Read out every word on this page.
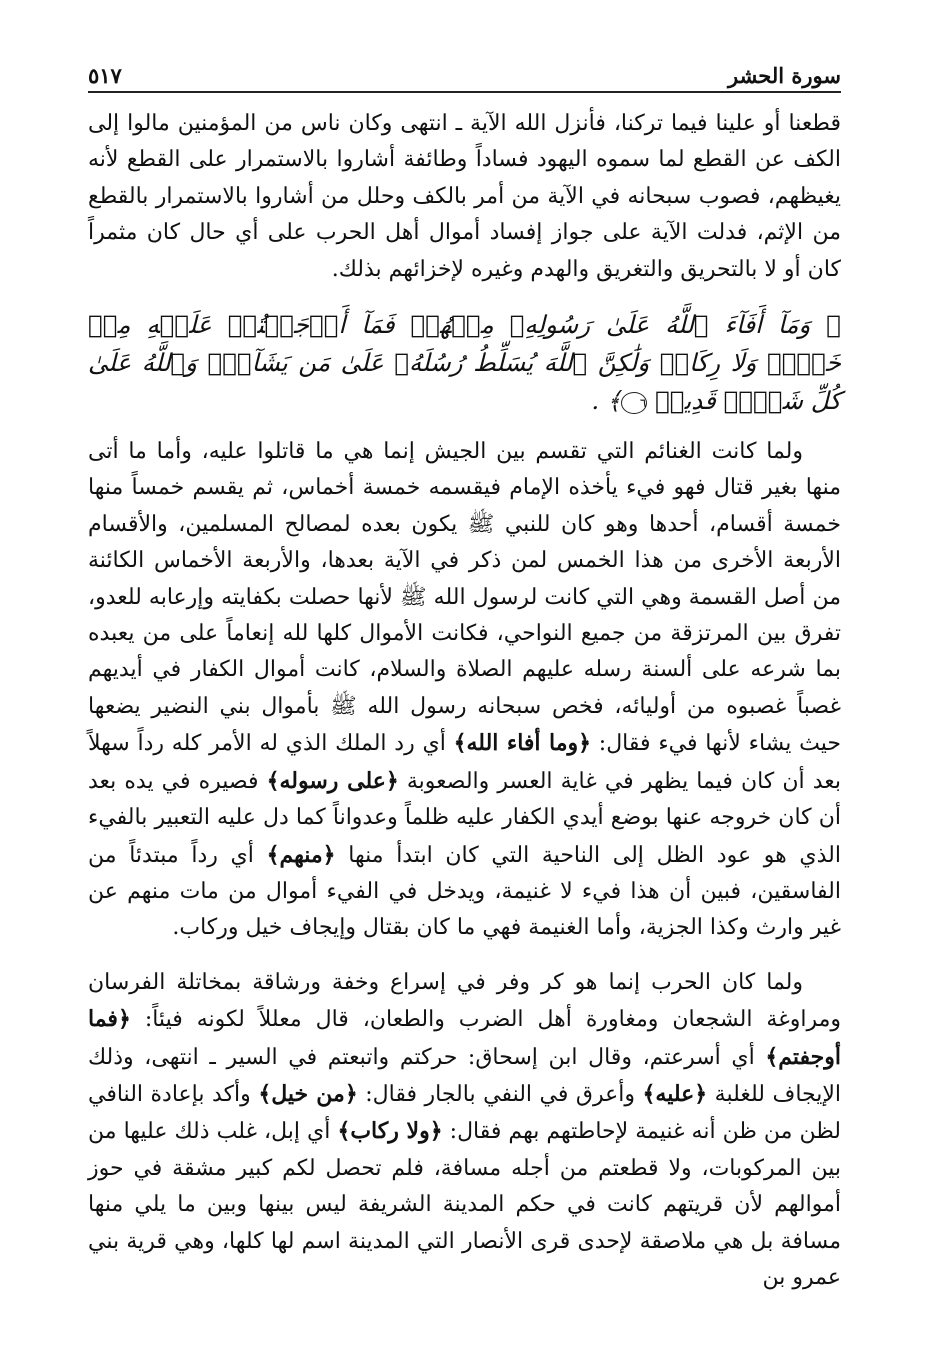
سورة الحشر
٥١٧

قطعنا أو علينا فيما تركنا، فأنزل الله الآية ـ انتهى وكان ناس من المؤمنين مالوا إلى الكف عن القطع لما سموه اليهود فساداً وطائفة أشاروا بالاستمرار على القطع لأنه يغيظهم، فصوب سبحانه في الآية من أمر بالكف وحلل من أشاروا بالاستمرار بالقطع من الإثم، فدلت الآية على جواز إفساد أموال أهل الحرب على أي حال كان مثمراً كان أو لا بالتحريق والتغريق والهدم وغيره لإخزائهم بذلك.

﴿ وَمَآ أَفَآءَ ٱللَّهُ عَلَىٰ رَسُولِهِۦ مِنۡهُمۡ فَمَآ أَوۡجَفۡتُمۡ عَلَيۡهِ مِنۡ خَيۡلٖ وَلَا رِكَابٖ وَلَٰكِنَّ ٱللَّهَ يُسَلِّطُ رُسُلَهُۥ عَلَىٰ مَن يَشَآءُۚ وَٱللَّهُ عَلَىٰ كُلِّ شَيۡءٖ قَدِيرٞ ٦﴾ .

ولما كانت الغنائم التي تقسم بين الجيش إنما هي ما قاتلوا عليه، وأما ما أتى منها بغير قتال فهو فيء يأخذه الإمام فيقسمه خمسة أخماس، ثم يقسم خمساً منها خمسة أقسام، أحدها وهو كان للنبي ﷺ يكون بعده لمصالح المسلمين، والأقسام الأربعة الأخرى من هذا الخمس لمن ذكر في الآية بعدها، والأربعة الأخماس الكائنة من أصل القسمة وهي التي كانت لرسول الله ﷺ لأنها حصلت بكفايته وإرعابه للعدو، تفرق بين المرتزقة من جميع النواحي، فكانت الأموال كلها لله إنعاماً على من يعبده بما شرعه على ألسنة رسله عليهم الصلاة والسلام، كانت أموال الكفار في أيديهم غصباً غصبوه من أوليائه، فخص سبحانه رسول الله ﷺ بأموال بني النضير يضعها حيث يشاء لأنها فيء فقال: ﴿وما أفاء الله﴾ أي رد الملك الذي له الأمر كله رداً سهلاً بعد أن كان فيما يظهر في غاية العسر والصعوبة ﴿على رسوله﴾ فصيره في يده بعد أن كان خروجه عنها بوضع أيدي الكفار عليه ظلماً وعدواناً كما دل عليه التعبير بالفيء الذي هو عود الظل إلى الناحية التي كان ابتدأ منها ﴿منهم﴾ أي رداً مبتدئاً من الفاسقين، فبين أن هذا فيء لا غنيمة، ويدخل في الفيء أموال من مات منهم عن غير وارث وكذا الجزية، وأما الغنيمة فهي ما كان بقتال وإيجاف خيل وركاب.

ولما كان الحرب إنما هو كر وفر في إسراع وخفة ورشاقة بمخاتلة الفرسان ومراوغة الشجعان ومغاورة أهل الضرب والطعان، قال معللاً لكونه فيئاً: ﴿فما أوجفتم﴾ أي أسرعتم، وقال ابن إسحاق: حركتم واتبعتم في السير ـ انتهى، وذلك الإيجاف للغلبة ﴿عليه﴾ وأعرق في النفي بالجار فقال: ﴿من خيل﴾ وأكد بإعادة النافي لظن من ظن أنه غنيمة لإحاطتهم بهم فقال: ﴿ولا ركاب﴾ أي إبل، غلب ذلك عليها من بين المركوبات، ولا قطعتم من أجله مسافة، فلم تحصل لكم كبير مشقة في حوز أموالهم لأن قريتهم كانت في حكم المدينة الشريفة ليس بينها وبين ما يلي منها مسافة بل هي ملاصقة لإحدى قرى الأنصار التي المدينة اسم لها كلها، وهي قرية بني عمرو بن
